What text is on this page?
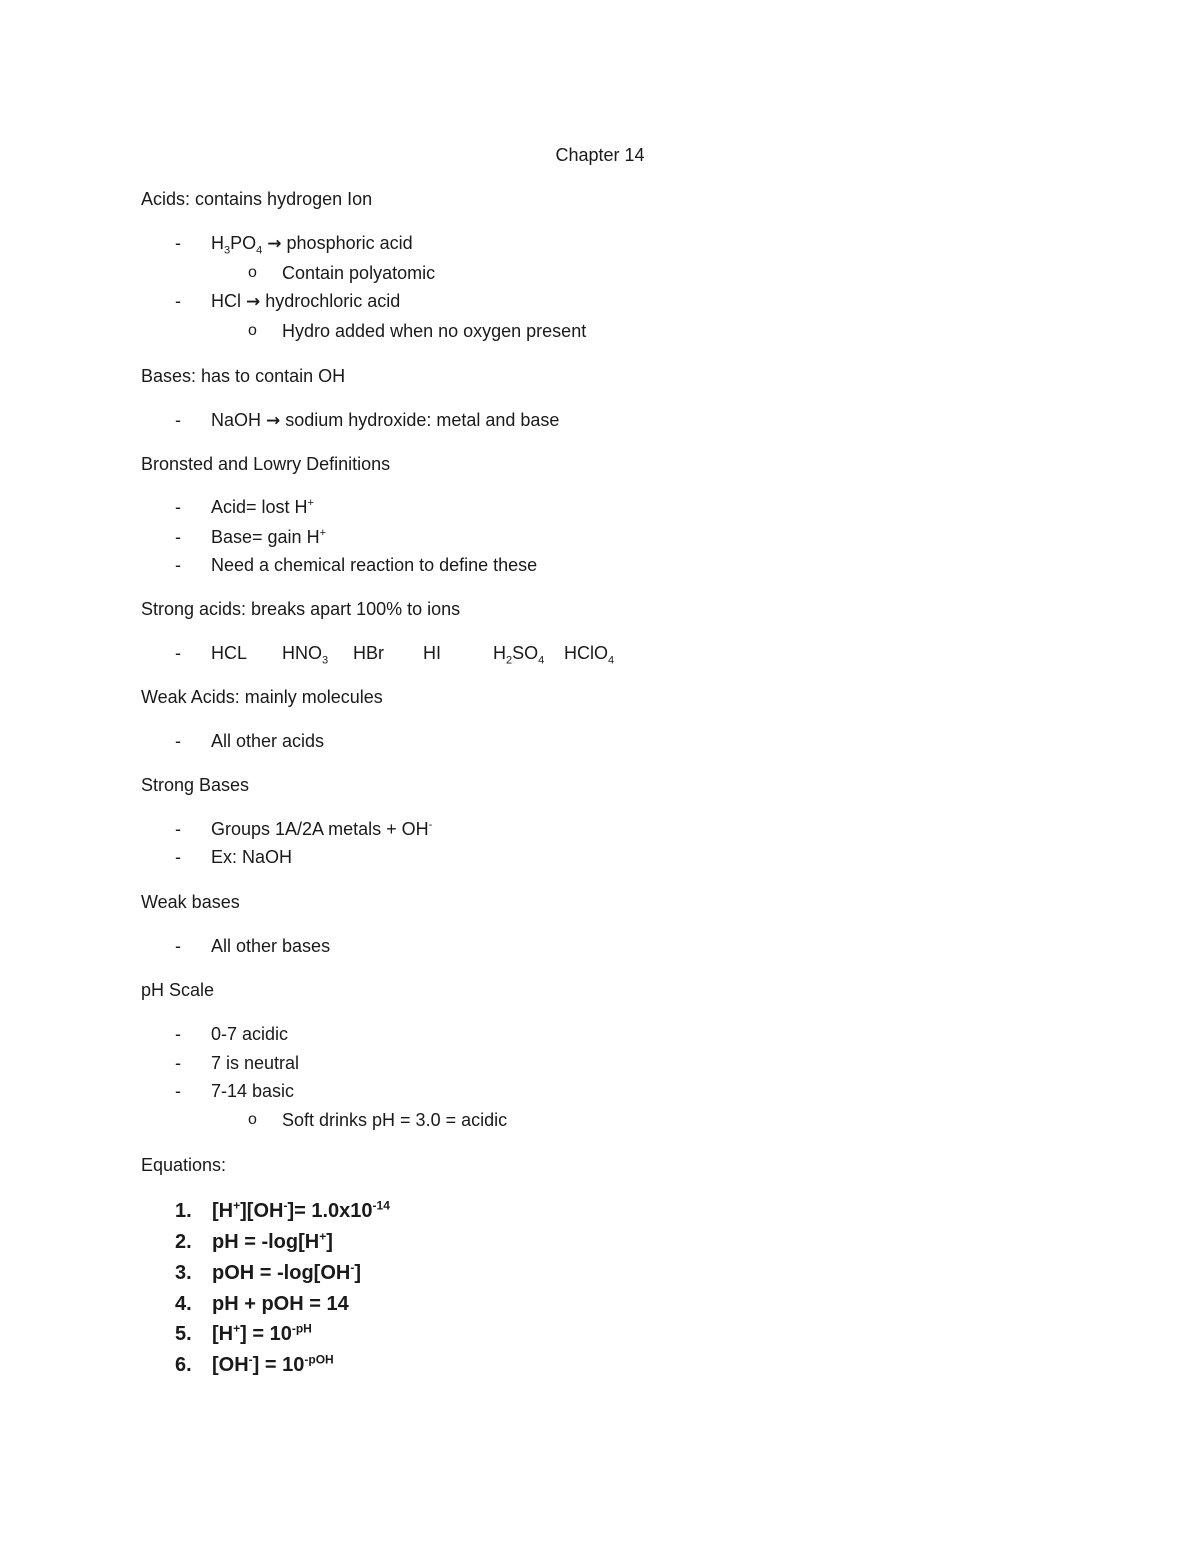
Chapter 14
Acids: contains hydrogen Ion
-	$H_3PO_4$ → phosphoric acid
o Contain polyatomic
-	HCl → hydrochloric acid
o Hydro added when no oxygen present
Bases: has to contain OH
-	NaOH → sodium hydroxide: metal and base
Bronsted and Lowry Definitions
-	Acid= lost H+
-	Base= gain H+
-	Need a chemical reaction to define these
Strong acids: breaks apart 100% to ions
-	HCL $HNO_3$ HBr HI	$H_2SO_4$ HClO$_4$
Weak Acids: mainly molecules
-	All other acids
Strong Bases
-	Groups 1A/2A metals + OH-
-	Ex: NaOH
Weak bases
-	All other bases
pH Scale
-	0-7 acidic
-	7 is neutral
-	7-14 basic
o Soft drinks pH = 3.0 = acidic
Equations:
1. $[H^+][OH^-]= 1.0x10^{-14}$
2. pH = -log[H+]
3. pOH = -log[OH-]
4. pH + pOH = 14
5. $[H^+] = 10^{-pH}$
6. $[OH^-] = 10^{-pOH}$
